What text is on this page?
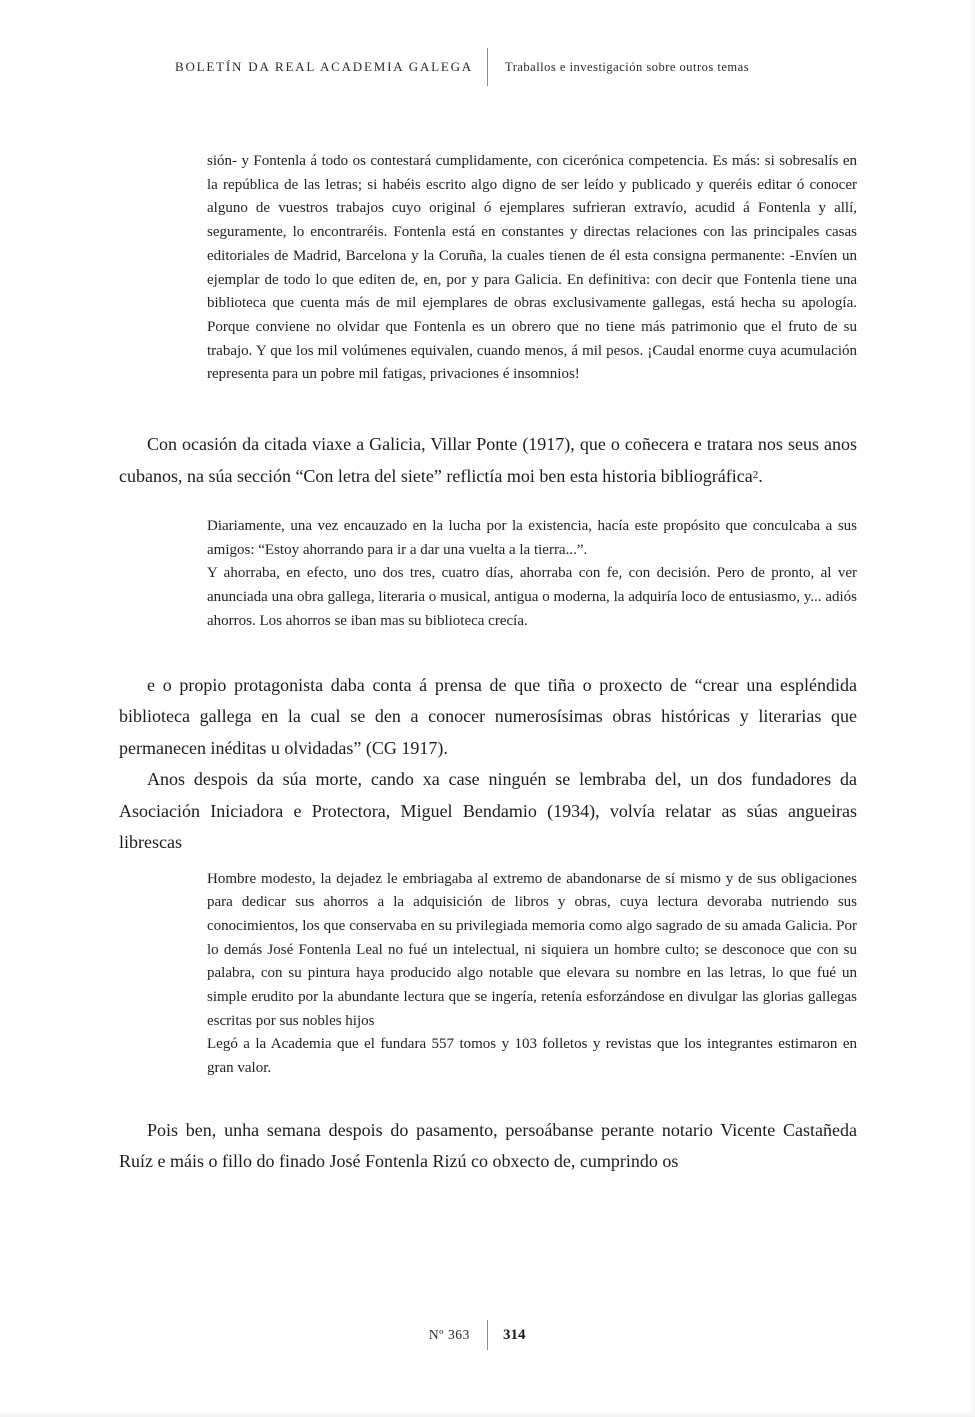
BOLETÍN DA REAL ACADEMIA GALEGA	Traballos e investigación sobre outros temas

sión- y Fontenla á todo os contestará cumplidamente, con cicerónica competencia. Es más: si sobresalís en la república de las letras; si habéis escrito algo digno de ser leído y publicado y queréis editar ó conocer alguno de vuestros trabajos cuyo original ó ejemplares sufrieran extravío, acudid á Fontenla y allí, seguramente, lo encontraréis. Fontenla está en constantes y directas relaciones con las principales casas editoriales de Madrid, Barcelona y la Coruña, la cuales tienen de él esta consigna permanente: -Envíen un ejemplar de todo lo que editen de, en, por y para Galicia. En definitiva: con decir que Fontenla tiene una biblioteca que cuenta más de mil ejemplares de obras exclusivamente gallegas, está hecha su apología. Porque conviene no olvidar que Fontenla es un obrero que no tiene más patrimonio que el fruto de su trabajo. Y que los mil volúmenes equivalen, cuando menos, á mil pesos. ¡Caudal enorme cuya acumulación representa para un pobre mil fatigas, privaciones é insomnios!

Con ocasión da citada viaxe a Galicia, Villar Ponte (1917), que o coñecera e tratara nos seus anos cubanos, na súa sección “Con letra del siete” reflictía moi ben esta historia bibliográfica$^2$.

Diariamente, una vez encauzado en la lucha por la existencia, hacía este propósito que conculcaba a sus amigos: “Estoy ahorrando para ir a dar una vuelta a la tierra...”.

Y ahorraba, en efecto, uno dos tres, cuatro días, ahorraba con fe, con decisión. Pero de pronto, al ver anunciada una obra gallega, literaria o musical, antigua o moderna, la adquiría loco de entusiasmo, y... adiós ahorros. Los ahorros se iban mas su biblioteca crecía.

e o propio protagonista daba conta á prensa de que tiña o proxecto de “crear una espléndida biblioteca gallega en la cual se den a conocer numerosísimas obras históricas y literarias que permanecen inéditas u olvidadas” (CG 1917).

Anos despois da súa morte, cando xa case ninguén se lembraba del, un dos fundadores da Asociación Iniciadora e Protectora, Miguel Bendamio (1934), volvía relatar as súas angueiras librescas

Hombre modesto, la dejadez le embriagaba al extremo de abandonarse de sí mismo y de sus obligaciones para dedicar sus ahorros a la adquisición de libros y obras, cuya lectura devoraba nutriendo sus conocimientos, los que conservaba en su privilegiada memoria como algo sagrado de su amada Galicia. Por lo demás José Fontenla Leal no fué un intelectual, ni siquiera un hombre culto; se desconoce que con su palabra, con su pintura haya producido algo notable que elevara su nombre en las letras, lo que fué un simple erudito por la abundante lectura que se ingería, retenía esforzándose en divulgar las glorias gallegas escritas por sus nobles hijos

Legó a la Academia que el fundara 557 tomos y 103 folletos y revistas que los integrantes estimaron en gran valor.

Pois ben, unha semana despois do pasamento, persoábanse perante notario Vicente Castañeda Ruíz e máis o fillo do finado José Fontenla Rizú co obxecto de, cumprindo os

Nº 363	314
